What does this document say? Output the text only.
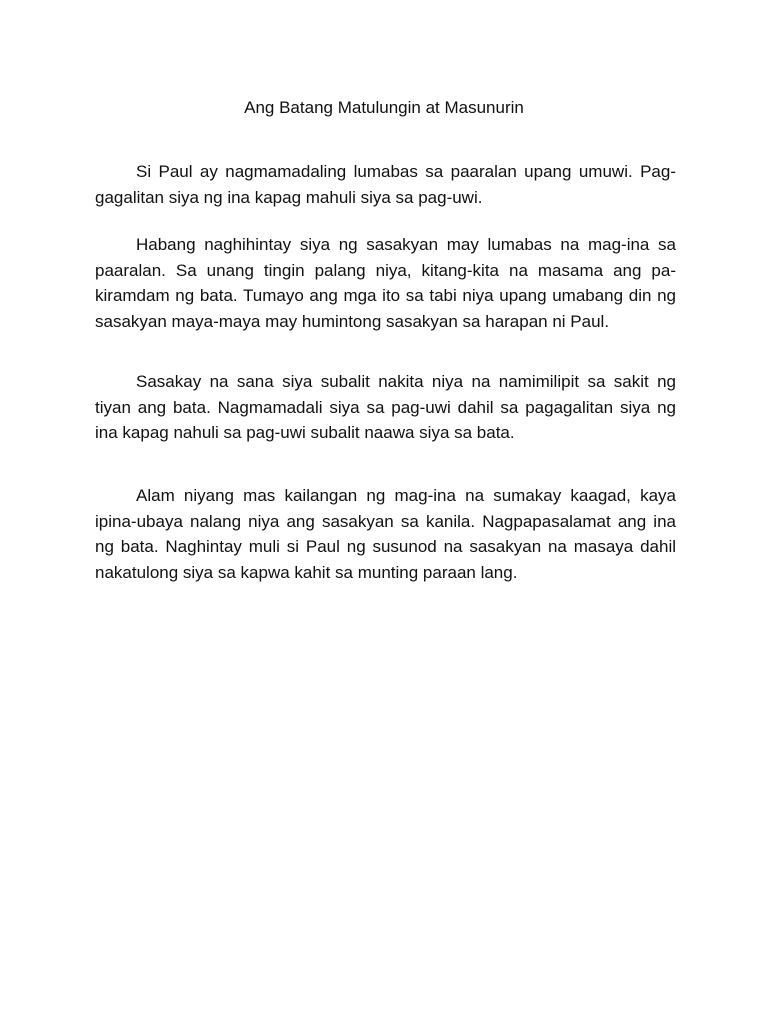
Ang Batang Matulungin at Masunurin

Si Paul ay nagmamadaling lumabas sa paaralan upang umuwi. Pag-gagalitan siya ng ina kapag mahuli siya sa pag-uwi.

Habang naghihintay siya ng sasakyan may lumabas na mag-ina sa paaralan. Sa unang tingin palang niya, kitang-kita na masama ang pa-kiramdam ng bata. Tumayo ang mga ito sa tabi niya upang umabang din ng sasakyan maya-maya may humintong sasakyan sa harapan ni Paul.

Sasakay na sana siya subalit nakita niya na namimilipit sa sakit ng tiyan ang bata. Nagmamadali siya sa pag-uwi dahil sa pagagalitan siya ng ina kapag nahuli sa pag-uwi subalit naawa siya sa bata.

Alam niyang mas kailangan ng mag-ina na sumakay kaagad, kaya ipina-ubaya nalang niya ang sasakyan sa kanila. Nagpapasalamat ang ina ng bata. Naghintay muli si Paul ng susunod na sasakyan na masaya dahil nakatulong siya sa kapwa kahit sa munting paraan lang.
